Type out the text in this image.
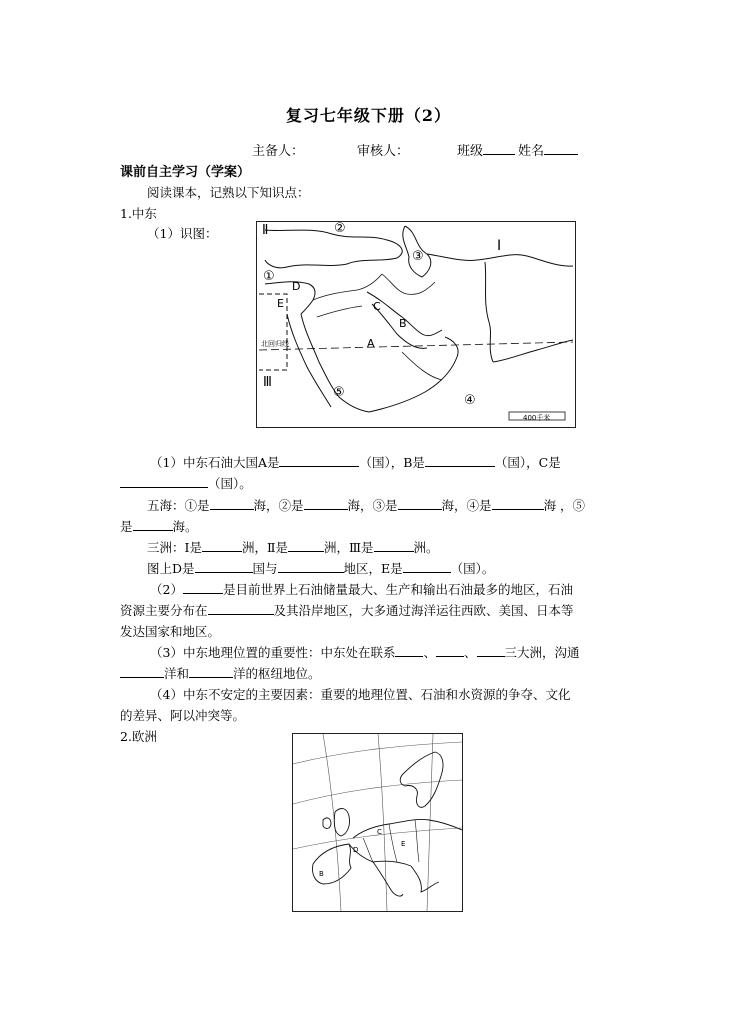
复习七年级下册（2）
主备人：	审核人：	班级	姓名
课前自主学习（学案）
阅读课本，记熟以下知识点：
1.中东
（1）识图：	Ⅱ
Ⅰ
Ⅲ
②
③
①
⑤
④
D
E	C
B
A
北回归线
400千米
（1）中东石油大国A是	（国），B是	（国），C是
（国）。
五海：①是	海，②是	海，③是	海，④是	海 ，⑤
是	海。
三洲：Ⅰ是	洲，Ⅱ是	洲，Ⅲ是	洲。
图上D是	国与	地区，E是	（国）。
（2）	是目前世界上石油储量最大、生产和输出石油最多的地区，石油
资源主要分布在	及其沿岸地区，大多通过海洋运往西欧、美国、日本等
发达国家和地区。
（3）中东地理位置的重要性：中东处在联系 、 、 三大洲，沟通
洋和	洋的枢纽地位。
（4）中东不安定的主要因素：重要的地理位置、石油和水资源的争夺、文化
的差异、阿以冲突等。
2.欧洲
C
D
E
B
